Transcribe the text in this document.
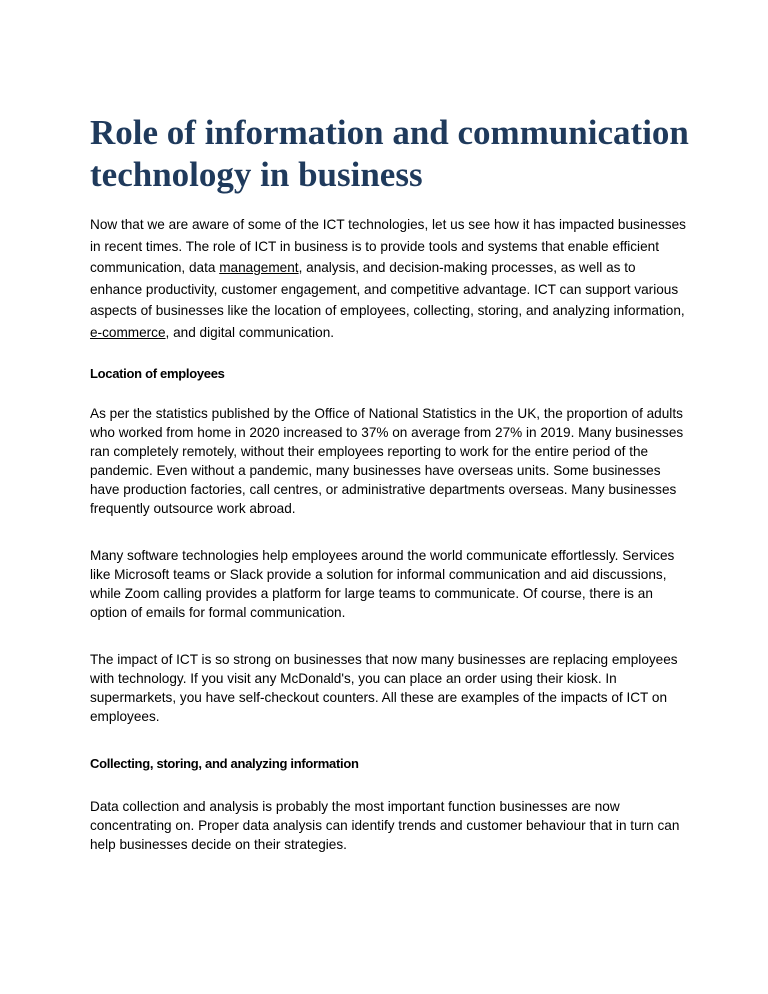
Role of information and communication technology in business

Now that we are aware of some of the ICT technologies, let us see how it has impacted businesses in recent times. The role of ICT in business is to provide tools and systems that enable efficient communication, data management, analysis, and decision-making processes, as well as to enhance productivity, customer engagement, and competitive advantage. ICT can support various aspects of businesses like the location of employees, collecting, storing, and analyzing information, e-commerce, and digital communication.

Location of employees

As per the statistics published by the Office of National Statistics in the UK, the proportion of adults who worked from home in 2020 increased to 37% on average from 27% in 2019. Many businesses ran completely remotely, without their employees reporting to work for the entire period of the pandemic. Even without a pandemic, many businesses have overseas units. Some businesses have production factories, call centres, or administrative departments overseas. Many businesses frequently outsource work abroad.

Many software technologies help employees around the world communicate effortlessly. Services like Microsoft teams or Slack provide a solution for informal communication and aid discussions, while Zoom calling provides a platform for large teams to communicate. Of course, there is an option of emails for formal communication.

The impact of ICT is so strong on businesses that now many businesses are replacing employees with technology. If you visit any McDonald's, you can place an order using their kiosk. In supermarkets, you have self-checkout counters. All these are examples of the impacts of ICT on employees.

Collecting, storing, and analyzing information

Data collection and analysis is probably the most important function businesses are now concentrating on. Proper data analysis can identify trends and customer behaviour that in turn can help businesses decide on their strategies.
